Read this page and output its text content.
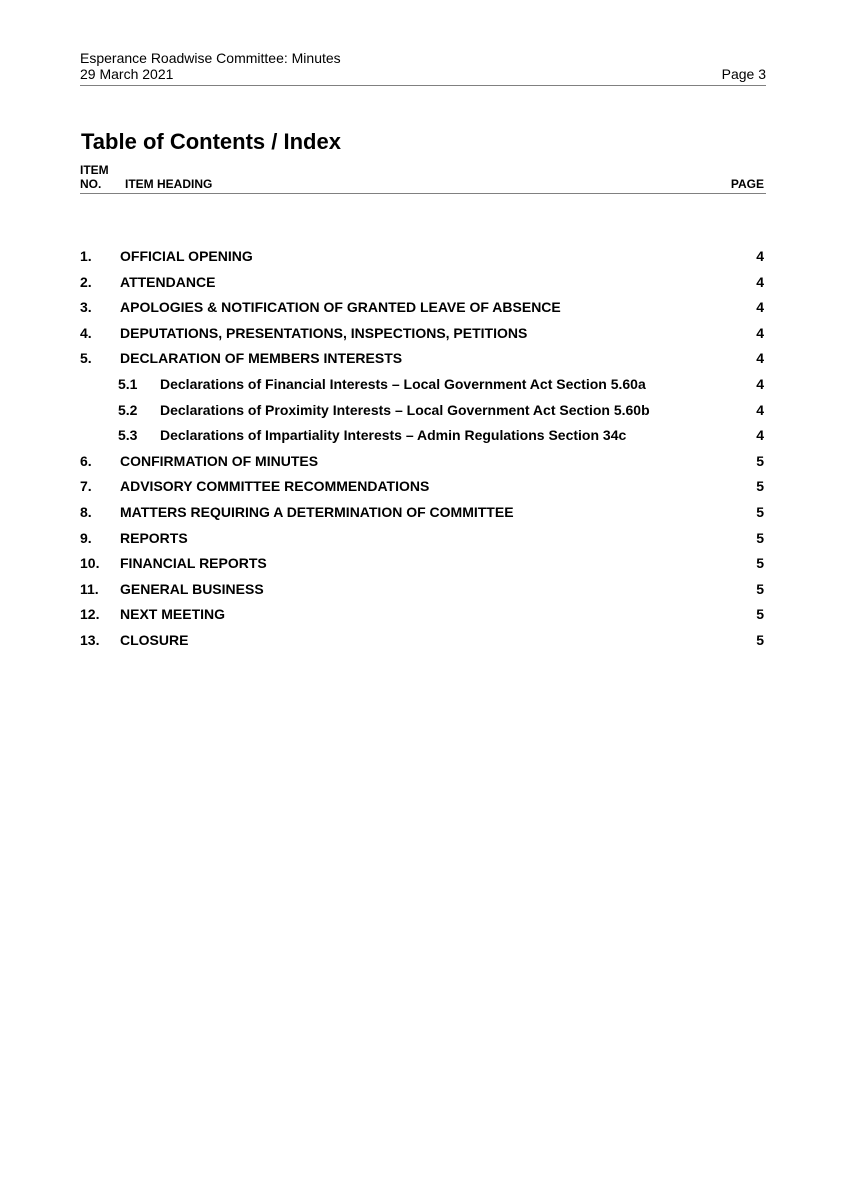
Esperance Roadwise Committee: Minutes
29 March 2021	Page 3
Table of Contents / Index
ITEM
NO. ITEM HEADING	PAGE
1. OFFICIAL OPENING	4
2. ATTENDANCE	4
3. APOLOGIES & NOTIFICATION OF GRANTED LEAVE OF ABSENCE	4
4. DEPUTATIONS, PRESENTATIONS, INSPECTIONS, PETITIONS	4
5. DECLARATION OF MEMBERS INTERESTS	4
5.1 Declarations of Financial Interests – Local Government Act Section 5.60a	4
5.2 Declarations of Proximity Interests – Local Government Act Section 5.60b	4
5.3 Declarations of Impartiality Interests – Admin Regulations Section 34c	4
6. CONFIRMATION OF MINUTES	5
7. ADVISORY COMMITTEE RECOMMENDATIONS	5
8. MATTERS REQUIRING A DETERMINATION OF COMMITTEE	5
9. REPORTS	5
10. FINANCIAL REPORTS	5
11. GENERAL BUSINESS	5
12. NEXT MEETING	5
13. CLOSURE	5
